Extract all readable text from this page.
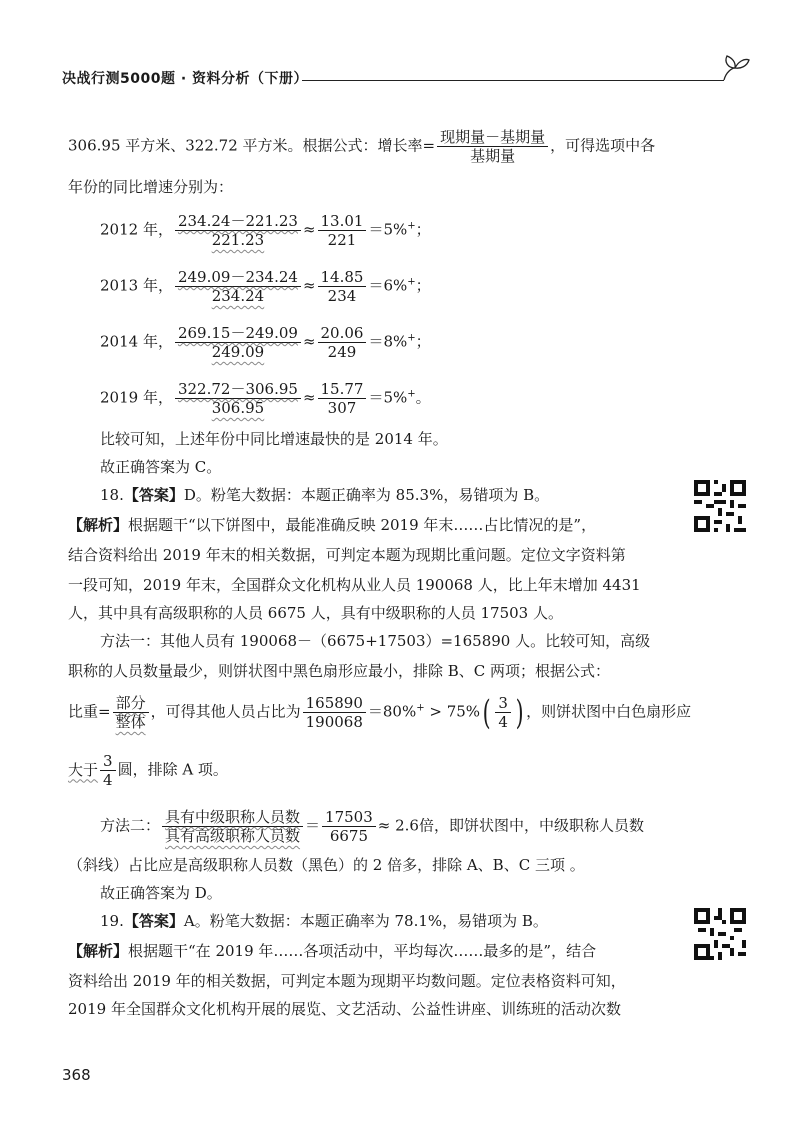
决战行测5000题 · 资料分析（下册）
306.95 平方米、322.72 平方米。根据公式：增长率= $\frac{\text{现期量－基期量}}{\text{基期量}}$ ，可得选项中各
年份的同比增速分别为：
2012 年， $\frac{234.24-221.23}{221.23} \approx \frac{13.01}{221} =5\%^+$；
2013 年， $\frac{249.09-234.24}{234.24} \approx \frac{14.85}{234} =6\%^+$；
2014 年， $\frac{269.15-249.09}{249.09} \approx \frac{20.06}{249} =8\%^+$；
2019 年， $\frac{322.72-306.95}{306.95} \approx \frac{15.77}{307} =5\%^+$。
比较可知，上述年份中同比增速最快的是 2014 年。
故正确答案为 C。
18.【答案】D。粉笔大数据：本题正确率为 85.3%，易错项为 B。
【解析】根据题干“以下饼图中，最能准确反映 2019 年末……占比情况的是”，
结合资料给出 2019 年末的相关数据，可判定本题为现期比重问题。定位文字资料第
一段可知，2019 年末，全国群众文化机构从业人员 190068 人，比上年末增加 4431
人，其中具有高级职称的人员 6675 人，具有中级职称的人员 17503 人。
方法一：其他人员有 190068－（6675+17503）=165890 人。比较可知，高级
职称的人员数量最少，则饼状图中黑色扇形应最小，排除 B、C 两项；根据公式：
比重= $\frac{\text{部分}}{\text{整体}}$ ，可得其他人员占比为 $\frac{165890}{190068} =80\%^+ > 75\%( \frac{3}{4}$ ) ，则饼状图中白色扇形应
大于 $\frac{3}{4}$ 圆，排除 A 项。
方法二： $\frac{\text{具有中级职称人员数}}{\text{具有高级职称人员数}} = \frac{17503}{6675} \approx 2.6$倍，即饼状图中，中级职称人员数
（斜线）占比应是高级职称人员数（黑色）的 2 倍多，排除 A、B、C 三项 。
故正确答案为 D。
19.【答案】A。粉笔大数据：本题正确率为 78.1%，易错项为 B。
【解析】根据题干“在 2019 年……各项活动中，平均每次……最多的是”，结合
资料给出 2019 年的相关数据，可判定本题为现期平均数问题。定位表格资料可知，
2019 年全国群众文化机构开展的展览、文艺活动、公益性讲座、训练班的活动次数
368
